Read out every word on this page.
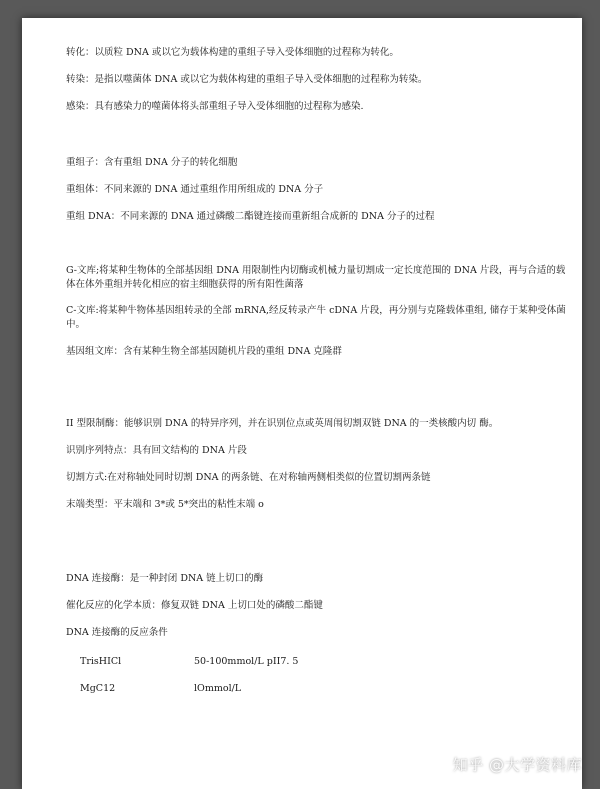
转化：以质粒 DNA 或以它为载体构建的重组子导入受体细胞的过程称为转化。

转染：是指以噬菌体 DNA 或以它为载体构建的重组子导入受体细胞的过程称为转染。

感染：具有感染力的噬菌体将头部重组子导入受体细胞的过程称为感染.

重组子：含有重组 DNA 分子的转化细胞

重组体：不同来源的 DNA 通过重组作用所组成的 DNA 分子

重组 DNA：不同来源的 DNA 通过磷酸二酯键连接而重新组合成新的 DNA 分子的过程

G-文库;将某种生物体的全部基因组 DNA 用限制性内切酶或机械力量切割成一定长度范围的 DNA 片段，再与合适的载体在体外重组并转化相应的宿主细胞获得的所有阳性菌落

C-文库:将某种牛物体基因组转录的全部 mRNA,经反转录产牛 cDNA 片段，再分别与克隆载体重组, 储存于某种受体菌中。

基因组文库：含有某种生物全部基因随机片段的重组 DNA 克隆群

II 型限制酶：能够识别 DNA 的特异序列，并在识别位点或英周闱切割双链 DNA 的一类核酸内切 酶。

识别序列特点：具有回文结构的 DNA 片段

切割方式:在对称轴处同时切割 DNA 的两条链、在对称轴两侧相类似的位置切割两条链

末端类型：平末端和 3*或 5*突出的粘性末端 o

DNA 连接酶：是一种封闭 DNA 链上切口的酶

催化反应的化学本质：修复双链 DNA 上切口处的磷酸二酯键

DNA 连接酶的反应条件

TrisHICl	50-100mmol/L pII7. 5
MgC12	lOmmol/L
知乎 @大学资料库
